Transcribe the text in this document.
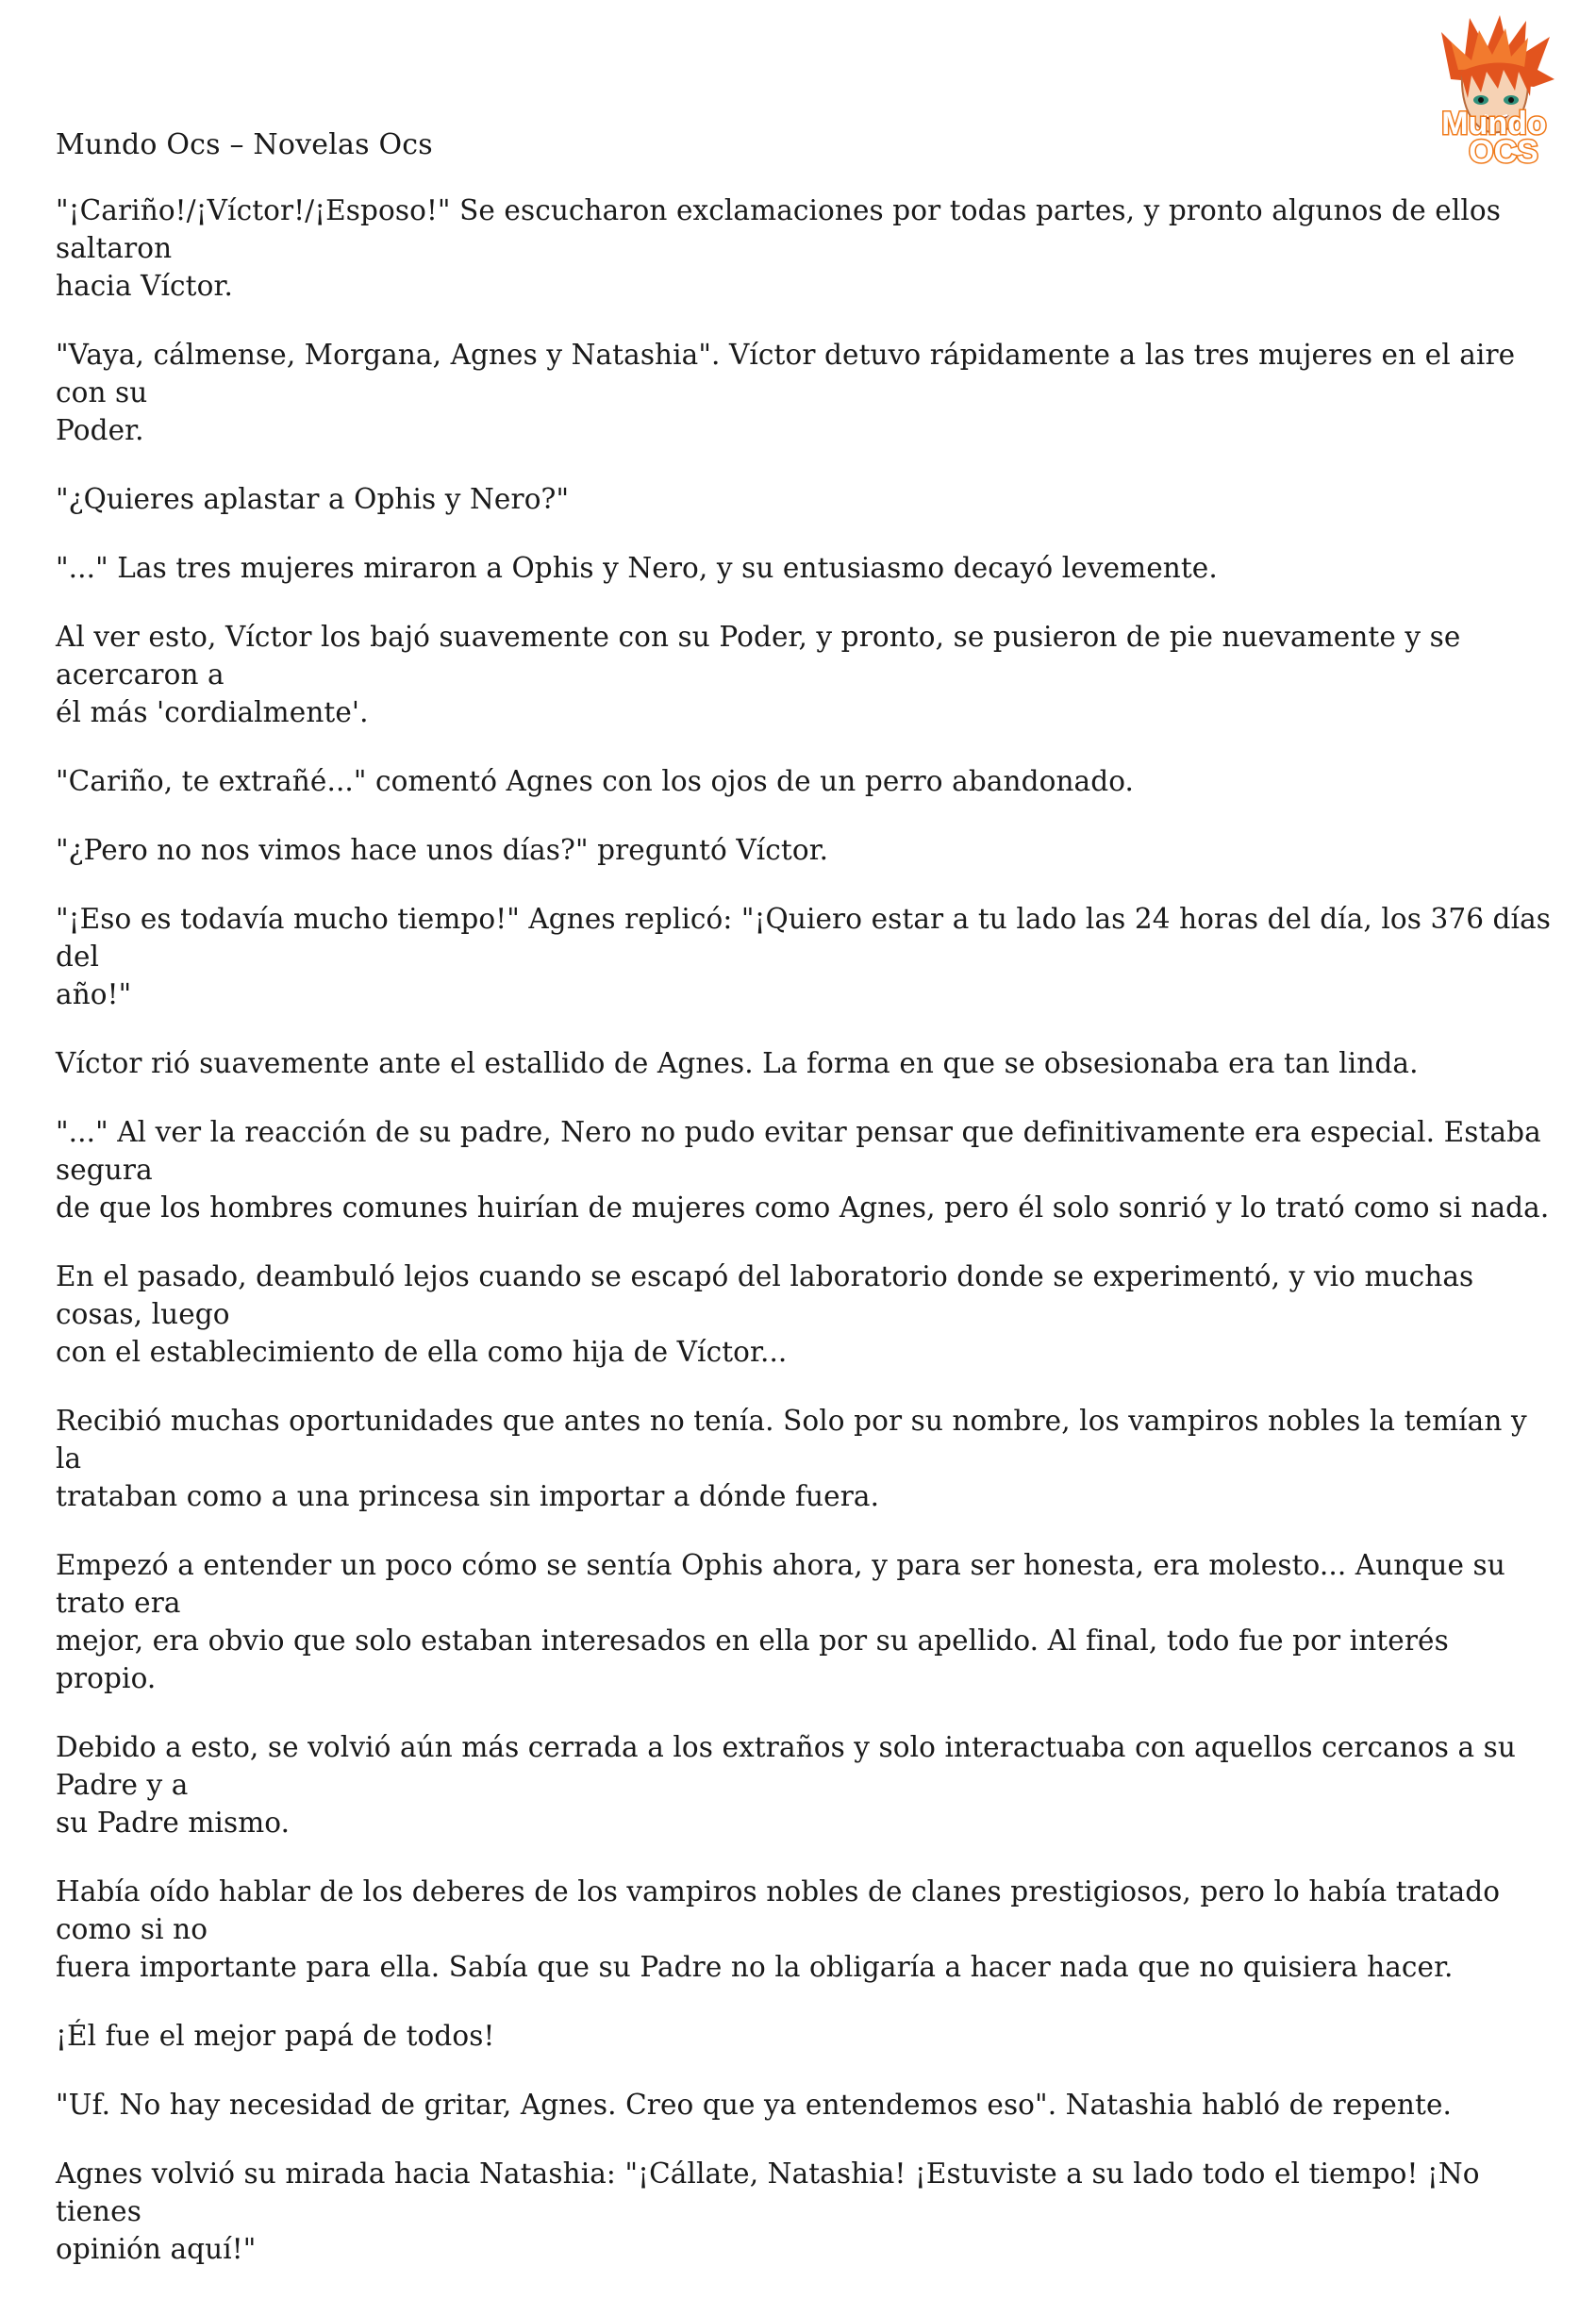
Mundo
OCS
Mundo Ocs – Novelas Ocs

"¡Cariño!/¡Víctor!/¡Esposo!" Se escucharon exclamaciones por todas partes, y pronto algunos de ellos saltaron
hacia Víctor.

"Vaya, cálmense, Morgana, Agnes y Natashia". Víctor detuvo rápidamente a las tres mujeres en el aire con su
Poder.

"¿Quieres aplastar a Ophis y Nero?"

"..." Las tres mujeres miraron a Ophis y Nero, y su entusiasmo decayó levemente.

Al ver esto, Víctor los bajó suavemente con su Poder, y pronto, se pusieron de pie nuevamente y se acercaron a
él más 'cordialmente'.

"Cariño, te extrañé..." comentó Agnes con los ojos de un perro abandonado.

"¿Pero no nos vimos hace unos días?" preguntó Víctor.

"¡Eso es todavía mucho tiempo!" Agnes replicó: "¡Quiero estar a tu lado las 24 horas del día, los 376 días del
año!"

Víctor rió suavemente ante el estallido de Agnes. La forma en que se obsesionaba era tan linda.

"..." Al ver la reacción de su padre, Nero no pudo evitar pensar que definitivamente era especial. Estaba segura
de que los hombres comunes huirían de mujeres como Agnes, pero él solo sonrió y lo trató como si nada.

En el pasado, deambuló lejos cuando se escapó del laboratorio donde se experimentó, y vio muchas cosas, luego
con el establecimiento de ella como hija de Víctor...

Recibió muchas oportunidades que antes no tenía. Solo por su nombre, los vampiros nobles la temían y la
trataban como a una princesa sin importar a dónde fuera.

Empezó a entender un poco cómo se sentía Ophis ahora, y para ser honesta, era molesto... Aunque su trato era
mejor, era obvio que solo estaban interesados en ella por su apellido. Al final, todo fue por interés propio.

Debido a esto, se volvió aún más cerrada a los extraños y solo interactuaba con aquellos cercanos a su Padre y a
su Padre mismo.

Había oído hablar de los deberes de los vampiros nobles de clanes prestigiosos, pero lo había tratado como si no
fuera importante para ella. Sabía que su Padre no la obligaría a hacer nada que no quisiera hacer.

¡Él fue el mejor papá de todos!

"Uf. No hay necesidad de gritar, Agnes. Creo que ya entendemos eso". Natashia habló de repente.

Agnes volvió su mirada hacia Natashia: "¡Cállate, Natashia! ¡Estuviste a su lado todo el tiempo! ¡No tienes
opinión aquí!"
